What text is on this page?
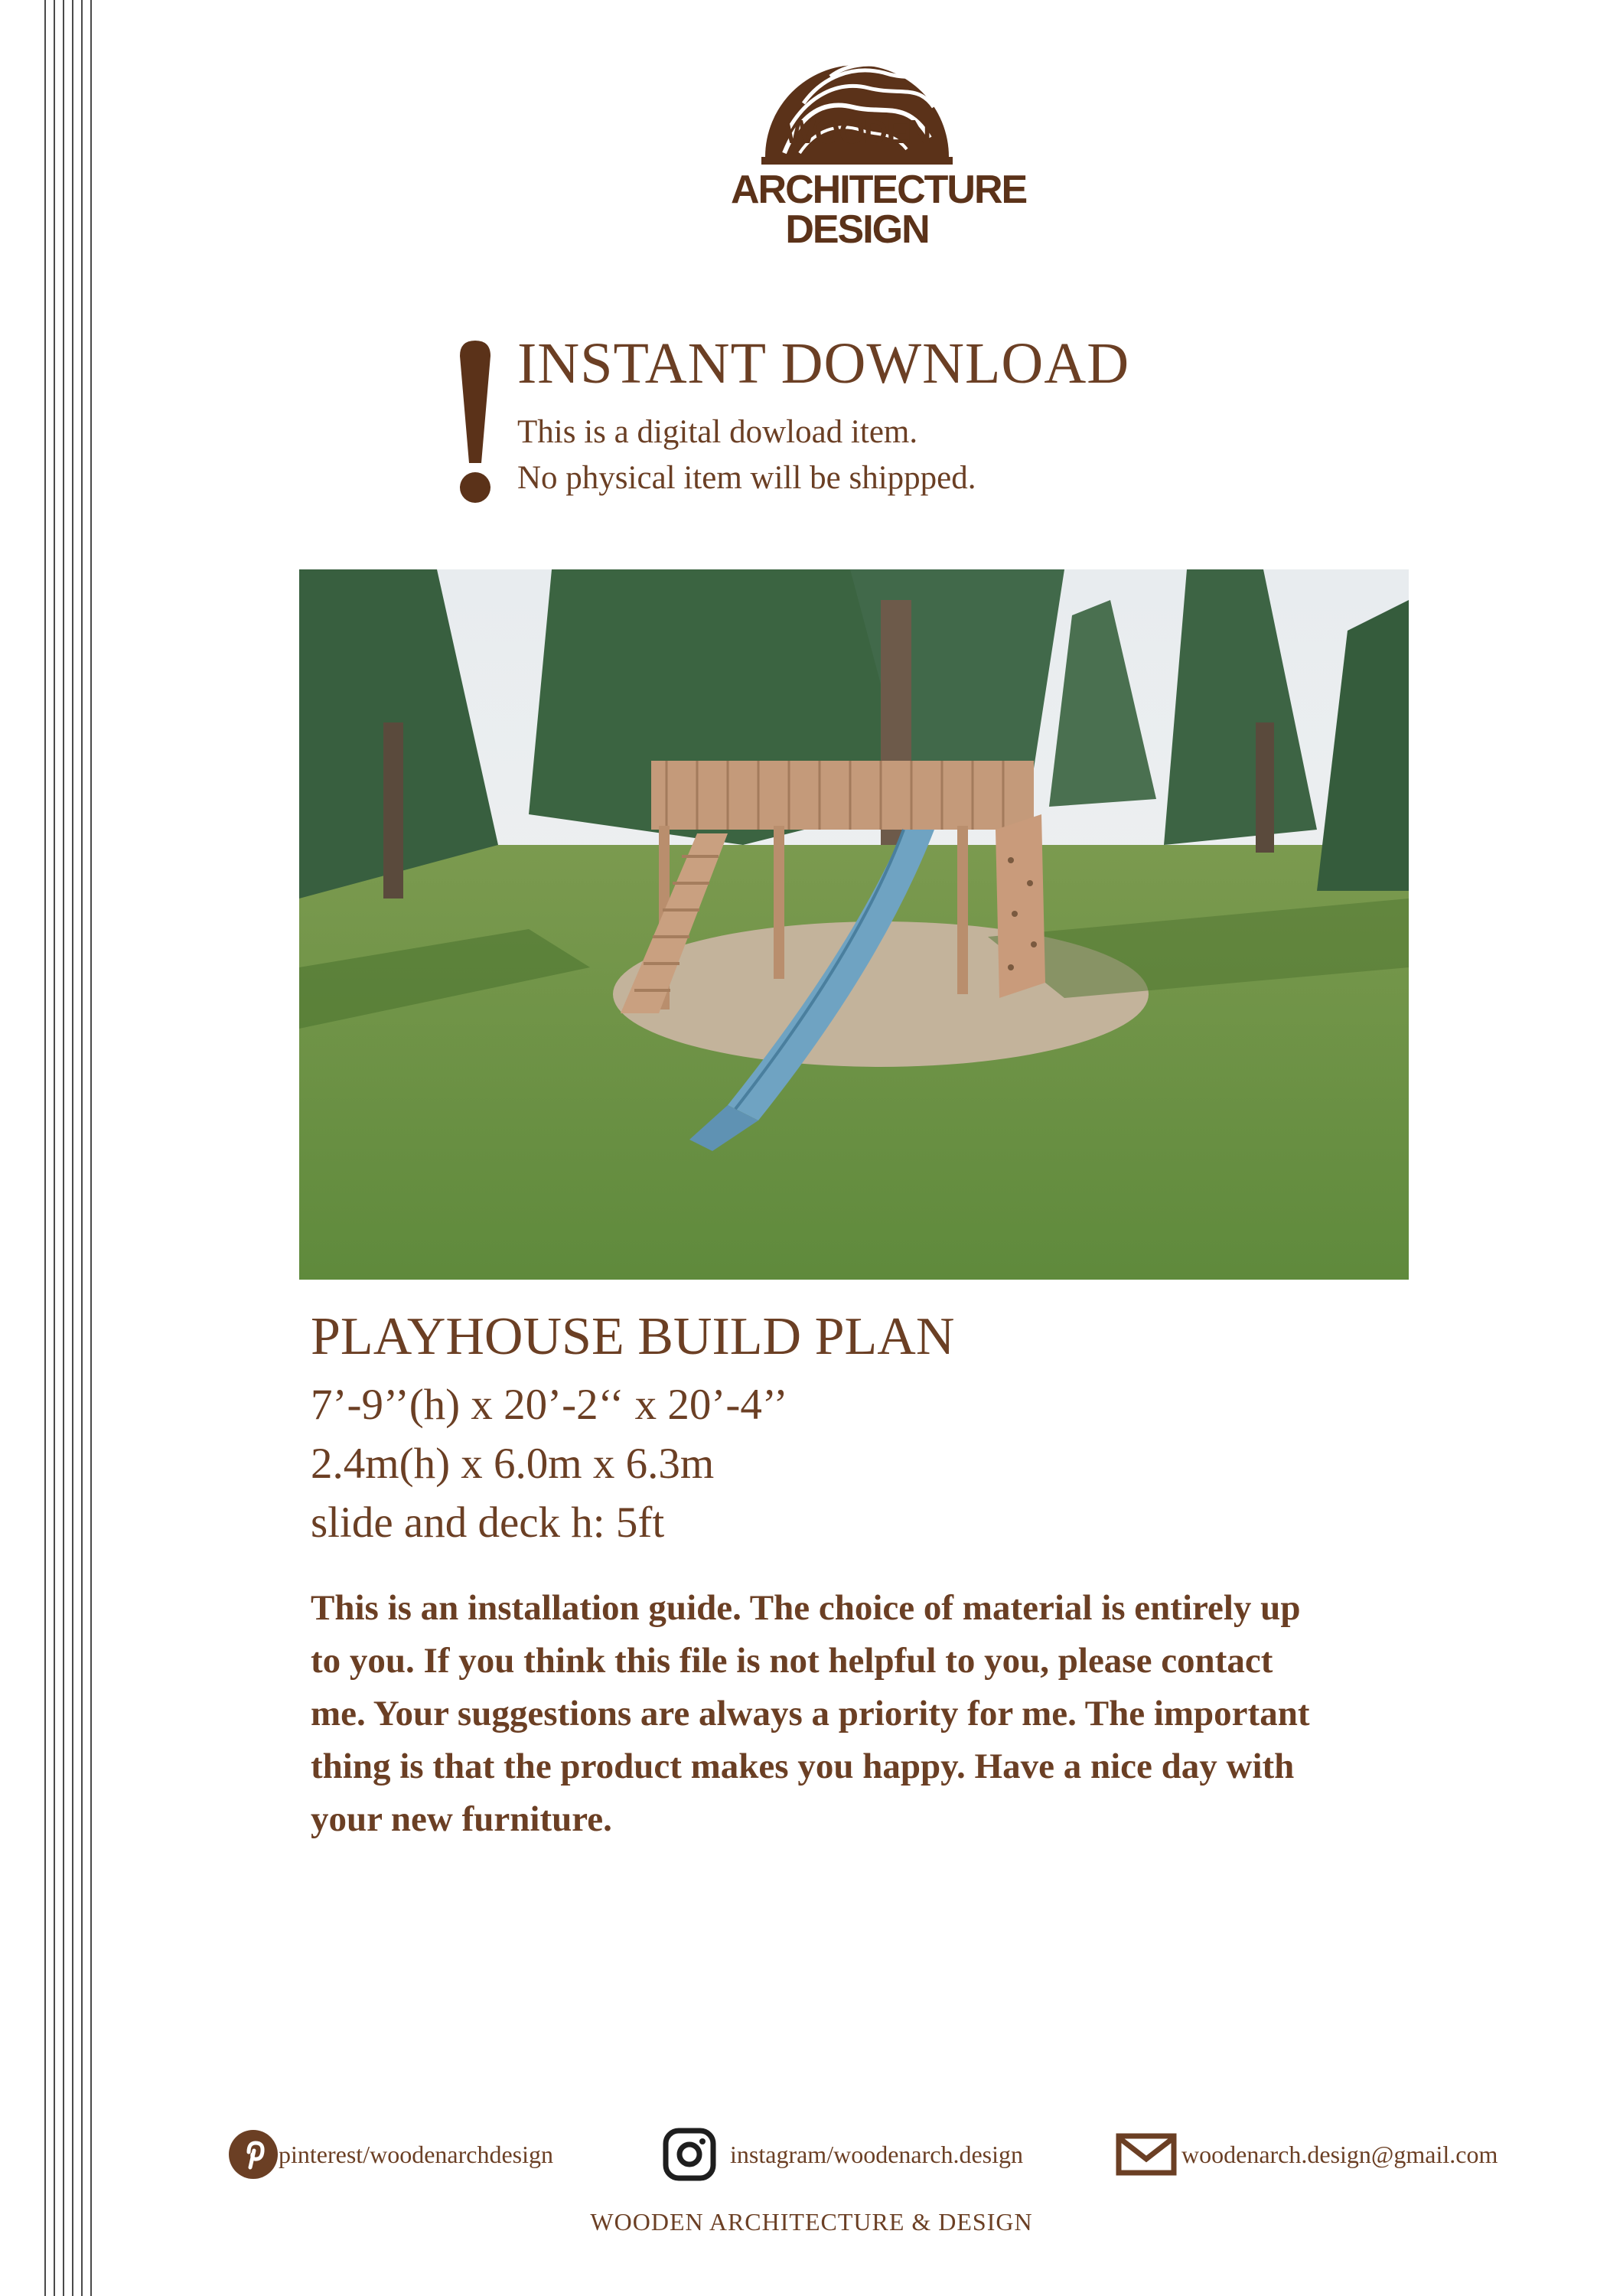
WOODEN
ARCHITECTURE
DESIGN
INSTANT DOWNLOAD
This is a digital dowload item.
No physical item will be shippped.
PLAYHOUSE BUILD PLAN
7’-9’’(h) x 20’-2‘‘ x 20’-4’’
2.4m(h) x 6.0m x 6.3m
slide and deck h: 5ft

This is an installation guide. The choice of material is entirely up

to you. If you think this file is not helpful to you, please contact

me. Your suggestions are always a priority for me. The important

thing is that the product makes you happy. Have a nice day with

your new furniture.

pinterest/woodenarchdesign	instagram/woodenarch.design	woodenarch.design@gmail.com
WOODEN ARCHITECTURE & DESIGN
